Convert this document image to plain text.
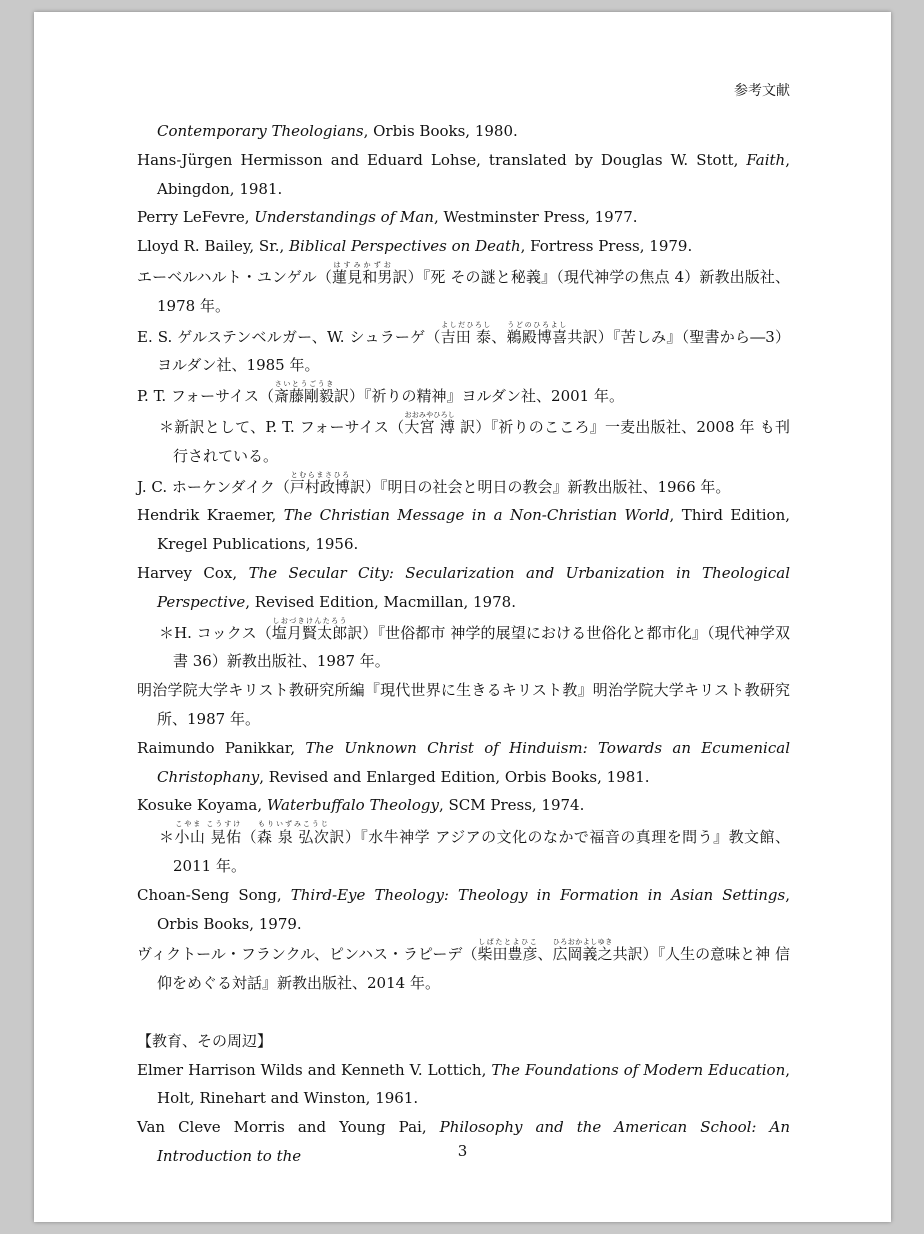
参考文献

Contemporary Theologians, Orbis Books, 1980.

Hans-Jürgen Hermisson and Eduard Lohse, translated by Douglas W. Stott, Faith, Abingdon, 1981.

Perry LeFevre, Understandings of Man, Westminster Press, 1977.

Lloyd R. Bailey, Sr., Biblical Perspectives on Death, Fortress Press, 1979.

エーベルハルト・ユンゲル（蓮見和男はすみかずお訳）『死 その謎と秘義』（現代神学の焦点 4）新教出版社、1978 年。

E. S. ゲルステンベルガー、W. シュラーゲ（吉田 泰よしだひろし、鵜殿博喜うどのひろよし共訳）『苦しみ』（聖書から―3）ヨルダン社、1985 年。

P. T. フォーサイス（斎藤剛毅さいとうごうき訳）『祈りの精神』ヨルダン社、2001 年。

＊新訳として、P. T. フォーサイス（大宮 溥おおみやひろし 訳）『祈りのこころ』一麦出版社、2008 年 も刊行されている。

J. C. ホーケンダイク（戸村政博とむらまさひろ訳）『明日の社会と明日の教会』新教出版社、1966 年。

Hendrik Kraemer, The Christian Message in a Non-Christian World, Third Edition, Kregel Publications, 1956.

Harvey Cox, The Secular City: Secularization and Urbanization in Theological Perspective, Revised Edition, Macmillan, 1978.

＊H. コックス（塩月賢太郎しおづきけんたろう訳）『世俗都市 神学的展望における世俗化と都市化』（現代神学双書 36）新教出版社、1987 年。

明治学院大学キリスト教研究所編『現代世界に生きるキリスト教』明治学院大学キリスト教研究所、1987 年。

Raimundo Panikkar, The Unknown Christ of Hinduism: Towards an Ecumenical Christophany, Revised and Enlarged Edition, Orbis Books, 1981.

Kosuke Koyama, Waterbuffalo Theology, SCM Press, 1974.

＊小山 晃佑こやま こうすけ（森 泉 弘次もりいずみこうじ訳）『水牛神学 アジアの文化のなかで福音の真理を問う』教文館、2011 年。

Choan-Seng Song, Third-Eye Theology: Theology in Formation in Asian Settings, Orbis Books, 1979.

ヴィクトール・フランクル、ピンハス・ラピーデ（柴田豊彦しばたとよひこ、広岡義之ひろおかよしゆき共訳）『人生の意味と神 信仰をめぐる対話』新教出版社、2014 年。

【教育、その周辺】

Elmer Harrison Wilds and Kenneth V. Lottich, The Foundations of Modern Education, Holt, Rinehart and Winston, 1961.

Van Cleve Morris and Young Pai, Philosophy and the American School: An Introduction to the	3
